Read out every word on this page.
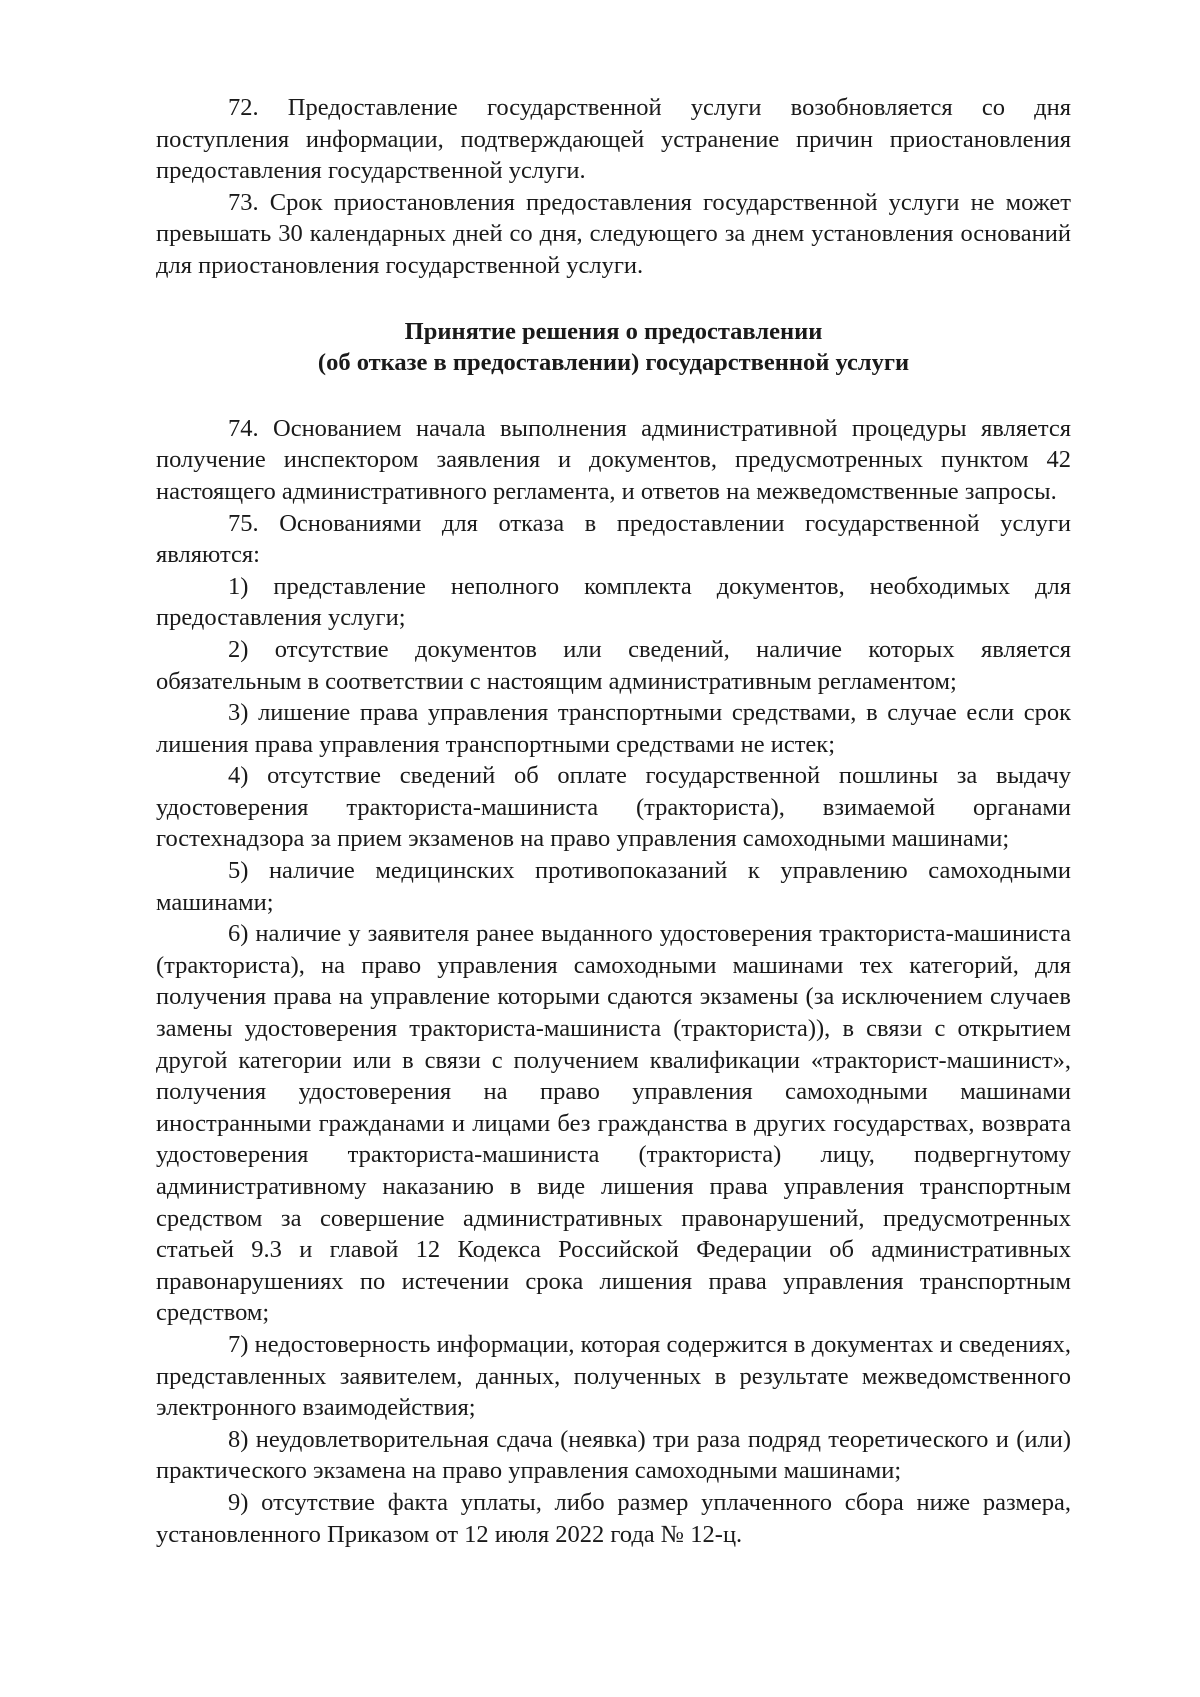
72. Предоставление государственной услуги возобновляется со дня поступления информации, подтверждающей устранение причин приостановления предоставления государственной услуги.

73. Срок приостановления предоставления государственной услуги не может превышать 30 календарных дней со дня, следующего за днем установления оснований для приостановления государственной услуги.

Принятие решения о предоставлении
(об отказе в предоставлении) государственной услуги

74. Основанием начала выполнения административной процедуры является получение инспектором заявления и документов, предусмотренных пунктом 42 настоящего административного регламента, и ответов на межведомственные запросы.

75. Основаниями для отказа в предоставлении государственной услуги являются:

1) представление неполного комплекта документов, необходимых для предоставления услуги;

2) отсутствие документов или сведений, наличие которых является обязательным в соответствии с настоящим административным регламентом;

3) лишение права управления транспортными средствами, в случае если срок лишения права управления транспортными средствами не истек;

4) отсутствие сведений об оплате государственной пошлины за выдачу удостоверения тракториста-машиниста (тракториста), взимаемой органами гостехнадзора за прием экзаменов на право управления самоходными машинами;

5) наличие медицинских противопоказаний к управлению самоходными машинами;

6) наличие у заявителя ранее выданного удостоверения тракториста-машиниста (тракториста), на право управления самоходными машинами тех категорий, для получения права на управление которыми сдаются экзамены (за исключением случаев замены удостоверения тракториста-машиниста (тракториста)), в связи с открытием другой категории или в связи с получением квалификации «тракторист-машинист», получения удостоверения на право управления самоходными машинами иностранными гражданами и лицами без гражданства в других государствах, возврата удостоверения тракториста-машиниста (тракториста) лицу, подвергнутому административному наказанию в виде лишения права управления транспортным средством за совершение административных правонарушений, предусмотренных статьей 9.3 и главой 12 Кодекса Российской Федерации об административных правонарушениях по истечении срока лишения права управления транспортным средством;

7) недостоверность информации, которая содержится в документах и сведениях, представленных заявителем, данных, полученных в результате межведомственного электронного взаимодействия;

8) неудовлетворительная сдача (неявка) три раза подряд теоретического и (или) практического экзамена на право управления самоходными машинами;

9) отсутствие факта уплаты, либо размер уплаченного сбора ниже размера, установленного Приказом от 12 июля 2022 года № 12-ц.
